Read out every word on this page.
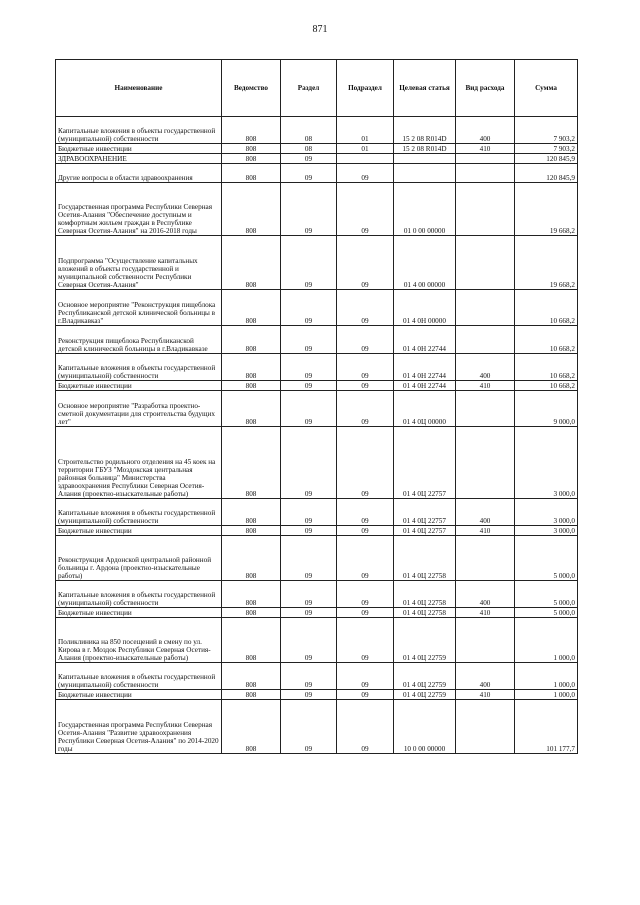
871
Наименование	Ведомство	Раздел	Подраздел	Целевая статья	Вид расхода	Сумма
Капитальные вложения в объекты государственной (муниципальной) собственности	808	08	01	15 2 08 R014D	400	7 903,2
Бюджетные инвестиции	808	08	01	15 2 08 R014D	410	7 903,2
ЗДРАВООХРАНЕНИЕ	808	09				120 845,9
Другие вопросы в области здравоохранения	808	09	09			120 845,9
Государственная программа Республики Северная Осетия-Алания "Обеспечение доступным и комфортным жильем граждан в Республике Северная Осетия-Алания" на 2016-2018 годы	808	09	09	01 0 00 00000		19 668,2
Подпрограмма "Осуществление капитальных вложений в объекты государственной и муниципальной собственности Республики Северная Осетия-Алания"	808	09	09	01 4 00 00000		19 668,2
Основное мероприятие "Реконструкция пищеблока Республиканской детской клинической больницы в г.Владикавказ"	808	09	09	01 4 0Н 00000		10 668,2
Реконструкция пищеблока Республиканской детской клинической больницы в г.Владикавказе	808	09	09	01 4 0Н 22744		10 668,2
Капитальные вложения в объекты государственной (муниципальной) собственности	808	09	09	01 4 0Н 22744	400	10 668,2
Бюджетные инвестиции	808	09	09	01 4 0Н 22744	410	10 668,2
Основное мероприятие "Разработка проектно-сметной документации для строительства будущих лет"	808	09	09	01 4 0Ц 00000		9 000,0
Строительство родильного отделения на 45 коек на территории ГБУЗ "Моздокская центральная районная больница" Министерства здравоохранения Республики Северная Осетия-Алания (проектно-изыскательные работы)	808	09	09	01 4 0Ц 22757		3 000,0
Капитальные вложения в объекты государственной (муниципальной) собственности	808	09	09	01 4 0Ц 22757	400	3 000,0
Бюджетные инвестиции	808	09	09	01 4 0Ц 22757	410	3 000,0
Реконструкция Ардонской центральной районной больницы г. Ардона (проектно-изыскательные работы)	808	09	09	01 4 0Ц 22758		5 000,0
Капитальные вложения в объекты государственной (муниципальной) собственности	808	09	09	01 4 0Ц 22758	400	5 000,0
Бюджетные инвестиции	808	09	09	01 4 0Ц 22758	410	5 000,0
Поликлиника на 850 посещений в смену по ул. Кирова в г. Моздок Республики Северная Осетия-Алания (проектно-изыскательные работы)	808	09	09	01 4 0Ц 22759		1 000,0
Капитальные вложения в объекты государственной (муниципальной) собственности	808	09	09	01 4 0Ц 22759	400	1 000,0
Бюджетные инвестиции	808	09	09	01 4 0Ц 22759	410	1 000,0
Государственная программа Республики Северная Осетия-Алания "Развитие здравоохранения Республики Северная Осетия-Алания" по 2014-2020 годы	808	09	09	10 0 00 00000		101 177,7
